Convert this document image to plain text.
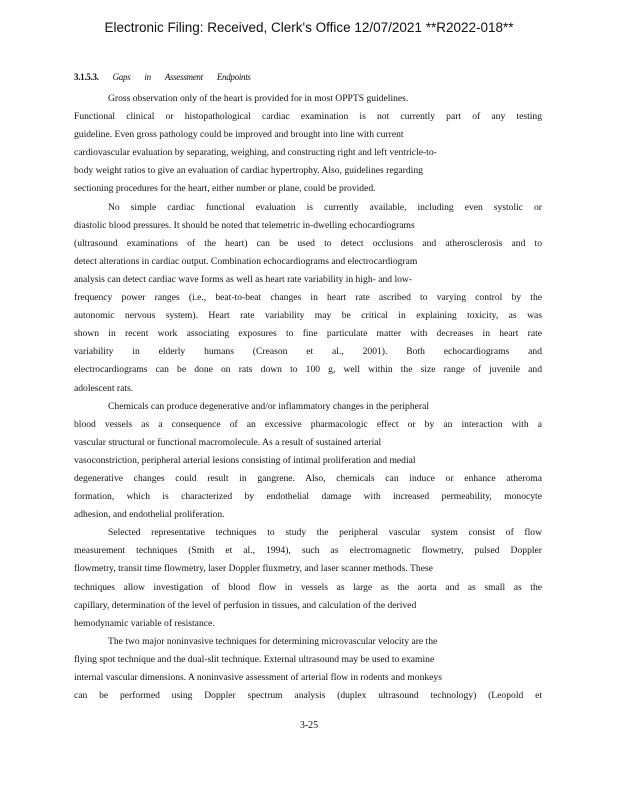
Electronic Filing: Received, Clerk's Office 12/07/2021 **R2022-018**
3.1.5.3. Gaps in Assessment Endpoints
Gross observation only of the heart is provided for in most OPPTS guidelines.
Functional clinical or histopathological cardiac examination is not currently part of any testing
guideline. Even gross pathology could be improved and brought into line with current
cardiovascular evaluation by separating, weighing, and constructing right and left ventricle-to-
body weight ratios to give an evaluation of cardiac hypertrophy. Also, guidelines regarding
sectioning procedures for the heart, either number or plane, could be provided.
No simple cardiac functional evaluation is currently available, including even systolic or
diastolic blood pressures. It should be noted that telemetric in-dwelling echocardiograms
(ultrasound examinations of the heart) can be used to detect occlusions and atherosclerosis and to
detect alterations in cardiac output. Combination echocardiograms and electrocardiogram
analysis can detect cardiac wave forms as well as heart rate variability in high- and low-
frequency power ranges (i.e., beat-to-beat changes in heart rate ascribed to varying control by the
autonomic nervous system). Heart rate variability may be critical in explaining toxicity, as was
shown in recent work associating exposures to fine particulate matter with decreases in heart rate
variability in elderly humans (Creason et al., 2001). Both echocardiograms and
electrocardiograms can be done on rats down to 100 g, well within the size range of juvenile and
adolescent rats.
Chemicals can produce degenerative and/or inflammatory changes in the peripheral
blood vessels as a consequence of an excessive pharmacologic effect or by an interaction with a
vascular structural or functional macromolecule. As a result of sustained arterial
vasoconstriction, peripheral arterial lesions consisting of intimal proliferation and medial
degenerative changes could result in gangrene. Also, chemicals can induce or enhance atheroma
formation, which is characterized by endothelial damage with increased permeability, monocyte
adhesion, and endothelial proliferation.
Selected representative techniques to study the peripheral vascular system consist of flow
measurement techniques (Smith et al., 1994), such as electromagnetic flowmetry, pulsed Doppler
flowmetry, transit time flowmetry, laser Doppler fluxmetry, and laser scanner methods. These
techniques allow investigation of blood flow in vessels as large as the aorta and as small as the
capillary, determination of the level of perfusion in tissues, and calculation of the derived
hemodynamic variable of resistance.
The two major noninvasive techniques for determining microvascular velocity are the
flying spot technique and the dual-slit technique. External ultrasound may be used to examine
internal vascular dimensions. A noninvasive assessment of arterial flow in rodents and monkeys
can be performed using Doppler spectrum analysis (duplex ultrasound technology) (Leopold et
3-25
